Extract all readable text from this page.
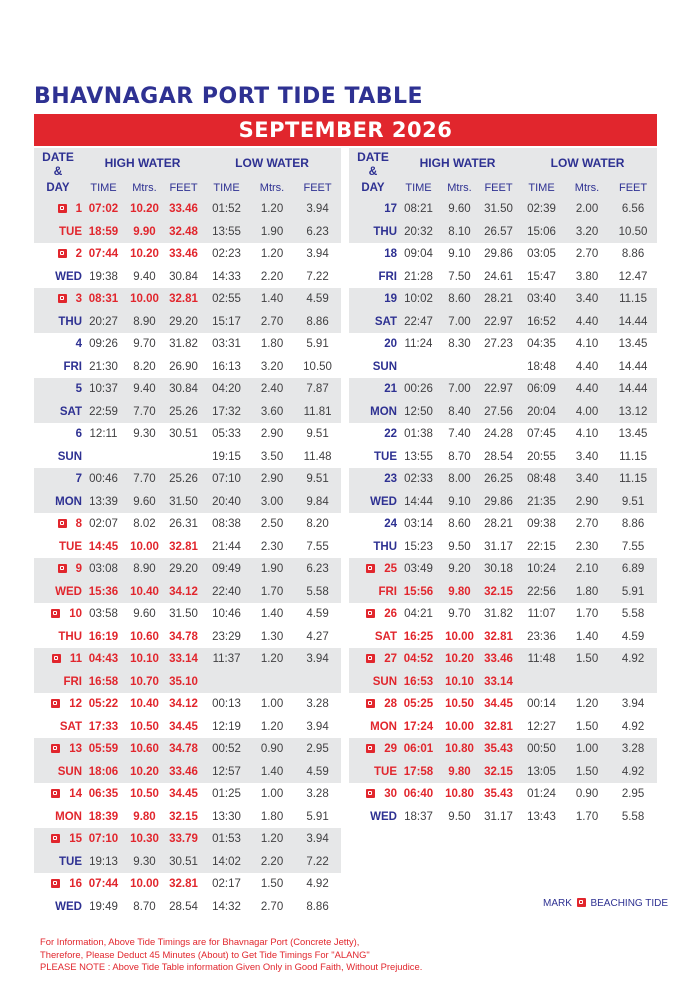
BHAVNAGAR PORT TIDE TABLE
SEPTEMBER 2026
DATE
&	HIGH WATER			LOW WATER		
DAY	TIME	Mtrs.	FEET	TIME	Mtrs.	FEET
1	07:02	10.20	33.46	01:52	1.20	3.94
TUE	18:59	9.90	32.48	13:55	1.90	6.23
2	07:44	10.20	33.46	02:23	1.20	3.94
WED	19:38	9.40	30.84	14:33	2.20	7.22
3	08:31	10.00	32.81	02:55	1.40	4.59
THU	20:27	8.90	29.20	15:17	2.70	8.86
4	09:26	9.70	31.82	03:31	1.80	5.91
FRI	21:30	8.20	26.90	16:13	3.20	10.50
5	10:37	9.40	30.84	04:20	2.40	7.87
SAT	22:59	7.70	25.26	17:32	3.60	11.81
6	12:11	9.30	30.51	05:33	2.90	9.51
SUN				19:15	3.50	11.48
7	00:46	7.70	25.26	07:10	2.90	9.51
MON	13:39	9.60	31.50	20:40	3.00	9.84
8	02:07	8.02	26.31	08:38	2.50	8.20
TUE	14:45	10.00	32.81	21:44	2.30	7.55
9	03:08	8.90	29.20	09:49	1.90	6.23
WED	15:36	10.40	34.12	22:40	1.70	5.58
10	03:58	9.60	31.50	10:46	1.40	4.59
THU	16:19	10.60	34.78	23:29	1.30	4.27
11	04:43	10.10	33.14	11:37	1.20	3.94
FRI	16:58	10.70	35.10			
12	05:22	10.40	34.12	00:13	1.00	3.28
SAT	17:33	10.50	34.45	12:19	1.20	3.94
13	05:59	10.60	34.78	00:52	0.90	2.95
SUN	18:06	10.20	33.46	12:57	1.40	4.59
14	06:35	10.50	34.45	01:25	1.00	3.28
MON	18:39	9.80	32.15	13:30	1.80	5.91
15	07:10	10.30	33.79	01:53	1.20	3.94
TUE	19:13	9.30	30.51	14:02	2.20	7.22
16	07:44	10.00	32.81	02:17	1.50	4.92
WED	19:49	8.70	28.54	14:32	2.70	8.86
DATE
&	HIGH WATER			LOW WATER		
DAY	TIME	Mtrs.	FEET	TIME	Mtrs.	FEET
17	08:21	9.60	31.50	02:39	2.00	6.56
THU	20:32	8.10	26.57	15:06	3.20	10.50
18	09:04	9.10	29.86	03:05	2.70	8.86
FRI	21:28	7.50	24.61	15:47	3.80	12.47
19	10:02	8.60	28.21	03:40	3.40	11.15
SAT	22:47	7.00	22.97	16:52	4.40	14.44
20	11:24	8.30	27.23	04:35	4.10	13.45
SUN				18:48	4.40	14.44
21	00:26	7.00	22.97	06:09	4.40	14.44
MON	12:50	8.40	27.56	20:04	4.00	13.12
22	01:38	7.40	24.28	07:45	4.10	13.45
TUE	13:55	8.70	28.54	20:55	3.40	11.15
23	02:33	8.00	26.25	08:48	3.40	11.15
WED	14:44	9.10	29.86	21:35	2.90	9.51
24	03:14	8.60	28.21	09:38	2.70	8.86
THU	15:23	9.50	31.17	22:15	2.30	7.55
25	03:49	9.20	30.18	10:24	2.10	6.89
FRI	15:56	9.80	32.15	22:56	1.80	5.91
26	04:21	9.70	31.82	11:07	1.70	5.58
SAT	16:25	10.00	32.81	23:36	1.40	4.59
27	04:52	10.20	33.46	11:48	1.50	4.92
SUN	16:53	10.10	33.14			
28	05:25	10.50	34.45	00:14	1.20	3.94
MON	17:24	10.00	32.81	12:27	1.50	4.92
29	06:01	10.80	35.43	00:50	1.00	3.28
TUE	17:58	9.80	32.15	13:05	1.50	4.92
30	06:40	10.80	35.43	01:24	0.90	2.95
WED	18:37	9.50	31.17	13:43	1.70	5.58
MARK BEACHING TIDE

For Information, Above Tide Timings are for Bhavnagar Port (Concrete Jetty),

Therefore, Please Deduct 45 Minutes (About) to Get Tide Timings For "ALANG"

PLEASE NOTE : Above Tide Table information Given Only in Good Faith, Without Prejudice.
